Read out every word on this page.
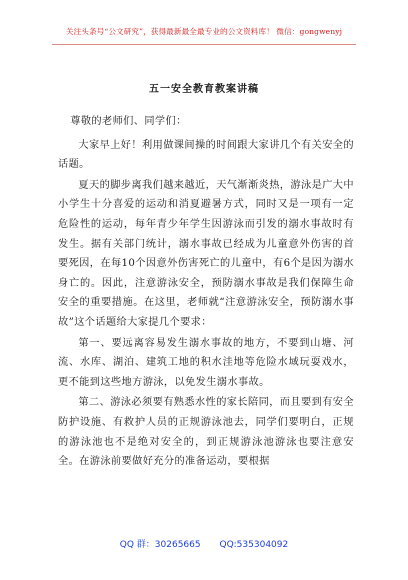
关注头条号“公文研究”，获得最新最全最专业的公文资料库！ 微信：gongwenyj
五一安全教育教案讲稿

尊敬的老师们、同学们：

大家早上好！利用做课间操的时间跟大家讲几个有关安全的话题。

夏天的脚步离我们越来越近，天气渐渐炎热，游泳是广大中小学生十分喜爱的运动和消夏避暑方式，同时又是一项有一定危险性的运动，每年青少年学生因游泳而引发的溺水事故时有发生。据有关部门统计，溺水事故已经成为儿童意外伤害的首要死因，在每10个因意外伤害死亡的儿童中，有6个是因为溺水身亡的。因此，注意游泳安全，预防溺水事故是我们保障生命安全的重要措施。在这里，老师就“注意游泳安全，预防溺水事故”这个话题给大家提几个要求：

第一、要远离容易发生溺水事故的地方，不要到山塘、河流、水库、湖泊、建筑工地的积水洼地等危险水域玩耍戏水，更不能到这些地方游泳，以免发生溺水事故。

第二、游泳必须要有熟悉水性的家长陪同，而且要到有安全防护设施、有救护人员的正规游泳池去，同学们要明白，正规的游泳池也不是绝对安全的，到正规游泳池游泳也要注意安全。在游泳前要做好充分的准备运动，要根据

QQ 群：30265665 QQ:535304092
